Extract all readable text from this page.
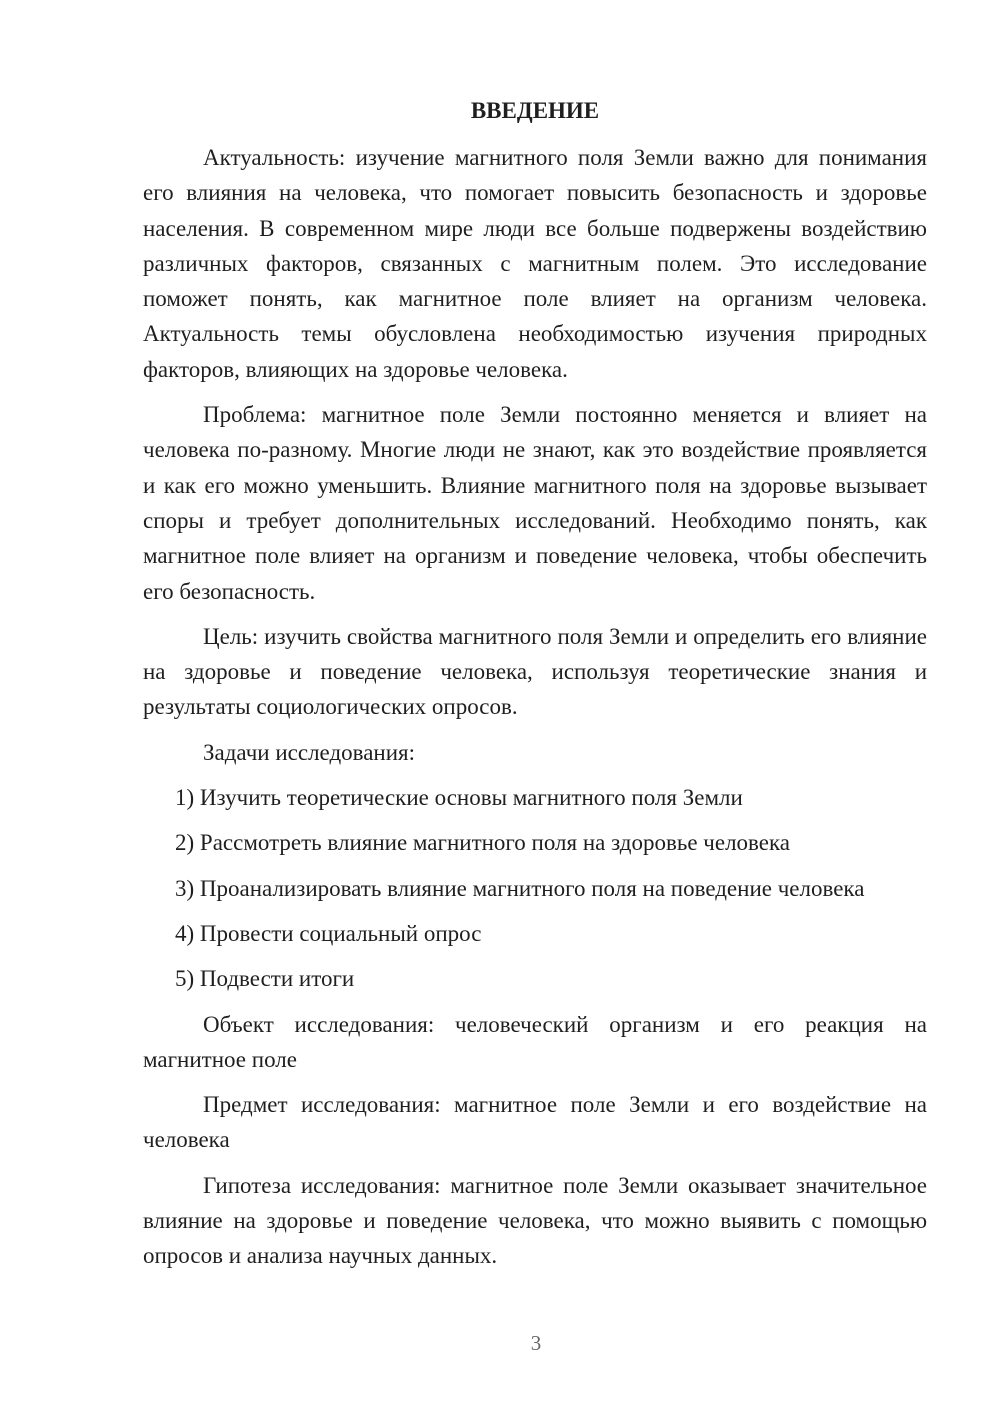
ВВЕДЕНИЕ

Актуальность: изучение магнитного поля Земли важно для понимания его влияния на человека, что помогает повысить безопасность и здоровье населения. В современном мире люди все больше подвержены воздействию различных факторов, связанных с магнитным полем. Это исследование поможет понять, как магнитное поле влияет на организм человека. Актуальность темы обусловлена необходимостью изучения природных факторов, влияющих на здоровье человека.

Проблема: магнитное поле Земли постоянно меняется и влияет на человека по-разному. Многие люди не знают, как это воздействие проявляется и как его можно уменьшить. Влияние магнитного поля на здоровье вызывает споры и требует дополнительных исследований. Необходимо понять, как магнитное поле влияет на организм и поведение человека, чтобы обеспечить его безопасность.

Цель: изучить свойства магнитного поля Земли и определить его влияние на здоровье и поведение человека, используя теоретические знания и результаты социологических опросов.

Задачи исследования:

1) Изучить теоретические основы магнитного поля Земли
2) Рассмотреть влияние магнитного поля на здоровье человека
3) Проанализировать влияние магнитного поля на поведение человека
4) Провести социальный опрос
5) Подвести итоги

Объект исследования: человеческий организм и его реакция на магнитное поле

Предмет исследования: магнитное поле Земли и его воздействие на человека

Гипотеза исследования: магнитное поле Земли оказывает значительное влияние на здоровье и поведение человека, что можно выявить с помощью опросов и анализа научных данных.

3
